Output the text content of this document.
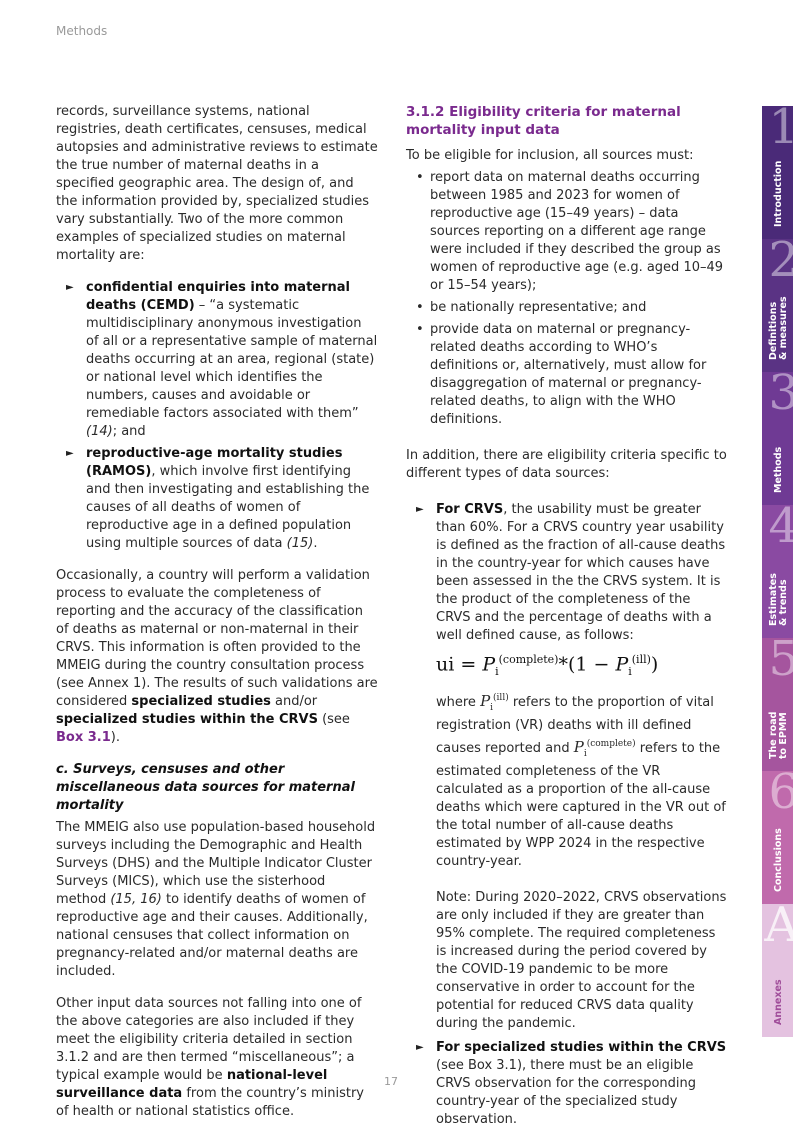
Methods

records, surveillance systems, national registries, death certificates, censuses, medical autopsies and administrative reviews to estimate the true number of maternal deaths in a specified geographic area. The design of, and the information provided by, specialized studies vary substantially. Two of the more common examples of specialized studies on maternal mortality are:

► confidential enquiries into maternal deaths (CEMD) – “a systematic multidisciplinary anonymous investigation of all or a representative sample of maternal deaths occurring at an area, regional (state) or national level which identifies the numbers, causes and avoidable or remediable factors associated with them” (14); and
► reproductive-age mortality studies (RAMOS), which involve first identifying and then investigating and establishing the causes of all deaths of women of reproductive age in a defined population using multiple sources of data (15).

Occasionally, a country will perform a validation process to evaluate the completeness of reporting and the accuracy of the classification of deaths as maternal or non-maternal in their CRVS. This information is often provided to the MMEIG during the country consultation process (see Annex 1). The results of such validations are considered specialized studies and/or specialized studies within the CRVS (see Box 3.1).

c. Surveys, censuses and other miscellaneous data sources for maternal mortality

The MMEIG also use population-based household surveys including the Demographic and Health Surveys (DHS) and the Multiple Indicator Cluster Surveys (MICS), which use the sisterhood method (15, 16) to identify deaths of women of reproductive age and their causes. Additionally, national censuses that collect information on pregnancy-related and/or maternal deaths are included.

Other input data sources not falling into one of the above categories are also included if they meet the eligibility criteria detailed in section 3.1.2 and are then termed “miscellaneous”; a typical example would be national-level surveillance data from the country’s ministry of health or national statistics office.

3.1.2 Eligibility criteria for maternal mortality input data

To be eligible for inclusion, all sources must:

• report data on maternal deaths occurring between 1985 and 2023 for women of reproductive age (15–49 years) – data sources reporting on a different age range were included if they described the group as women of reproductive age (e.g. aged 10–49 or 15–54 years);
• be nationally representative; and
• provide data on maternal or pregnancy-related deaths according to WHO’s definitions or, alternatively, must allow for disaggregation of maternal or pregnancy-related deaths, to align with the WHO definitions.

In addition, there are eligibility criteria specific to different types of data sources:

► For CRVS, the usability must be greater than 60%. For a CRVS country year usability is defined as the fraction of all-cause deaths in the country-year for which causes have been assessed in the the CRVS system. It is the product of the completeness of the CRVS and the percentage of deaths with a well defined cause, as follows:
ui = $P_i^{(complete)}*(1 - P_i^{(ill)})$
where $P_i^{(ill)}$ refers to the proportion of vital registration (VR) deaths with ill defined causes reported and $P_i^{(complete)}$ refers to the estimated completeness of the VR calculated as a proportion of the all-cause deaths which were captured in the VR out of the total number of all-cause deaths estimated by WPP 2024 in the respective country-year.
Note: During 2020–2022, CRVS observations are only included if they are greater than 95% complete. The required completeness is increased during the period covered by the COVID-19 pandemic to be more conservative in order to account for the potential for reduced CRVS data quality during the pandemic.
► For specialized studies within the CRVS (see Box 3.1), there must be an eligible CRVS observation for the corresponding country-year of the specialized study observation.
17
1
Introduction
2
Definitions
& measures
3
Methods
4
Estimates
& trends
5
The road
to EPMM
6
Conclusions
A
Annexes
